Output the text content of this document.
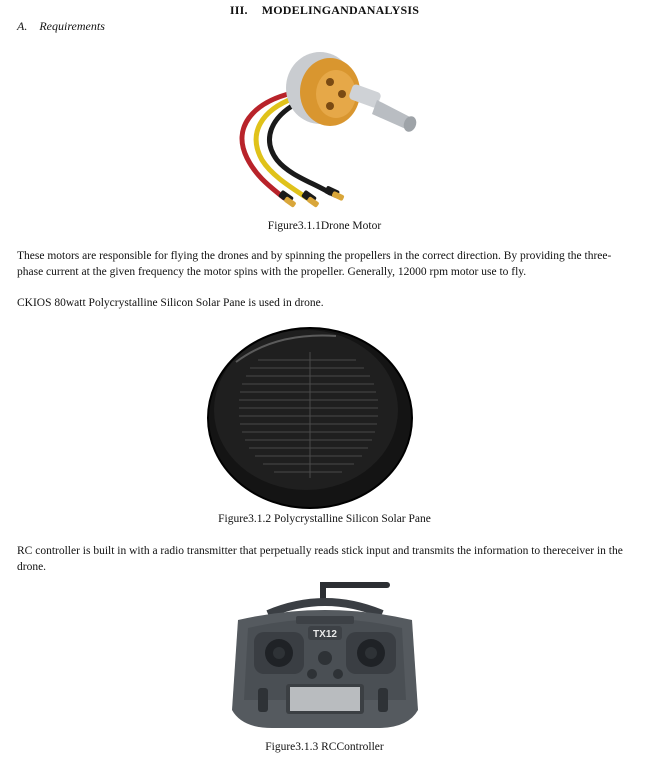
III. MODELINGANDANALYSIS
A. Requirements
Figure3.1.1Drone Motor
These motors are responsible for flying the drones and by spinning the propellers in the correct direction. By providing the three-
phase current at the given frequency the motor spins with the propeller. Generally, 12000 rpm motor use to fly.
CKIOS 80watt Polycrystalline Silicon Solar Pane is used in drone.
Figure3.1.2 Polycrystalline Silicon Solar Pane
RC controller is built in with a radio transmitter that perpetually reads stick input and transmits the information to thereceiver in the
drone.
TX12
Figure3.1.3 RCController
